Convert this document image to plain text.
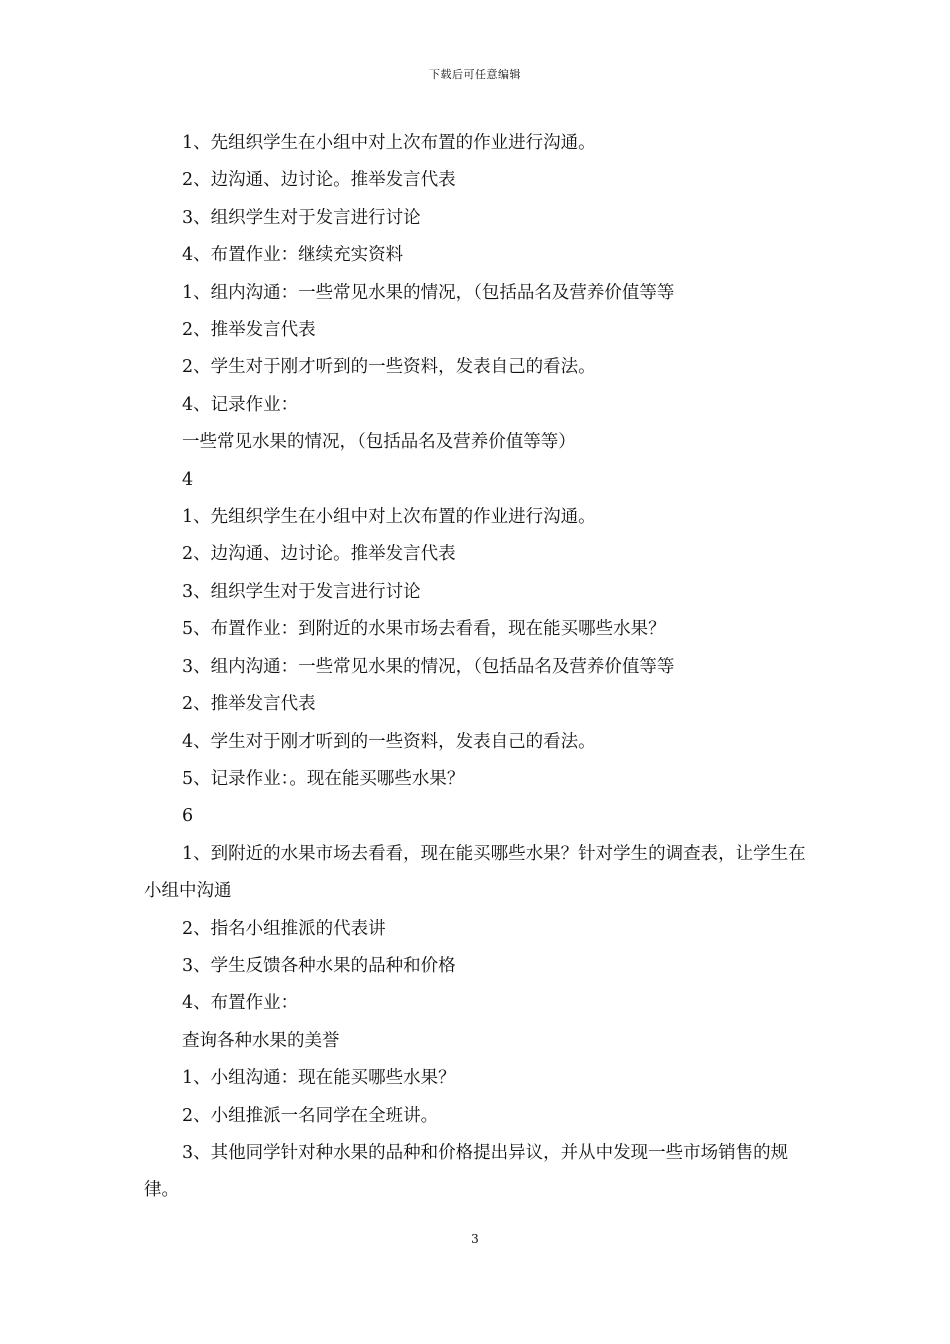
下载后可任意编辑

1、先组织学生在小组中对上次布置的作业进行沟通。

2、边沟通、边讨论。推举发言代表

3、组织学生对于发言进行讨论

4、布置作业：继续充实资料

1、组内沟通：一些常见水果的情况，（包括品名及营养价值等等

2、推举发言代表

2、学生对于刚才听到的一些资料，发表自己的看法。

4、记录作业：

一些常见水果的情况，（包括品名及营养价值等等）

4

1、先组织学生在小组中对上次布置的作业进行沟通。

2、边沟通、边讨论。推举发言代表

3、组织学生对于发言进行讨论

5、布置作业：到附近的水果市场去看看，现在能买哪些水果？

3、组内沟通：一些常见水果的情况，（包括品名及营养价值等等

2、推举发言代表

4、学生对于刚才听到的一些资料，发表自己的看法。

5、记录作业：。现在能买哪些水果？

6

1、到附近的水果市场去看看，现在能买哪些水果？针对学生的调查表，让学生在小组中沟通

2、指名小组推派的代表讲

3、学生反馈各种水果的品种和价格

4、布置作业：

查询各种水果的美誉

1、小组沟通：现在能买哪些水果？

2、小组推派一名同学在全班讲。

3、其他同学针对种水果的品种和价格提出异议，并从中发现一些市场销售的规律。

3
